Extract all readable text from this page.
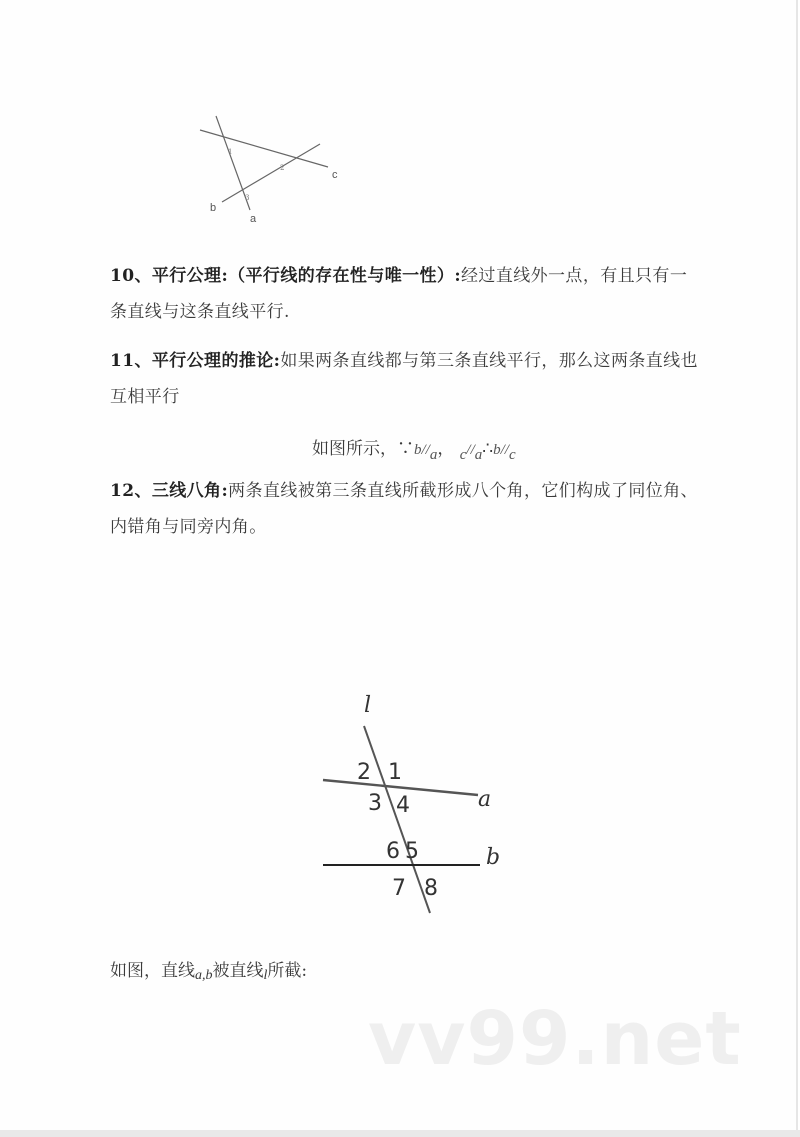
1
2
3
c
b
a
10、平行公理:（平行线的存在性与唯一性）:经过直线外一点，有且只有一条直线与这条直线平行.
11、平行公理的推论:如果两条直线都与第三条直线平行，那么这两条直线也互相平行
如图所示，∵b//a， c//a∴b//c
12、三线八角:两条直线被第三条直线所截形成八个角，它们构成了同位角、内错角与同旁内角。
l
2 1
3 4	a
6 5	b
7 8
如图，直线a,b被直线l所截:
vv99.net
